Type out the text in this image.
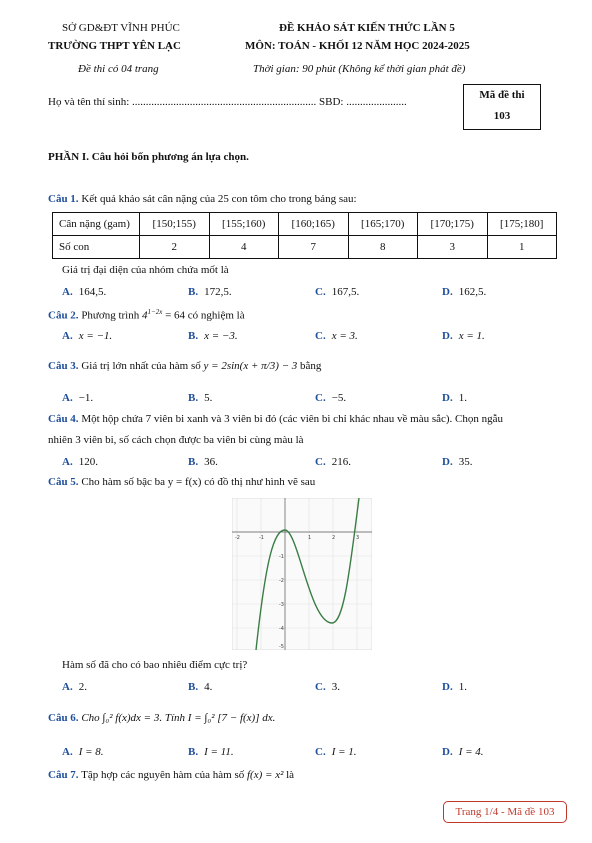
SỞ GD&ĐT VĨNH PHÚC
TRƯỜNG THPT YÊN LẠC
Đề thi có 04 trang
ĐỀ KHẢO SÁT KIẾN THỨC LẦN 5
MÔN: TOÁN - KHỐI 12 NĂM HỌC 2024-2025
Thời gian: 90 phút (Không kể thời gian phát đề)
Họ và tên thí sinh: ................................................................... SBD: ......................
Mã đề thi
103
PHẦN I. Câu hỏi bốn phương án lựa chọn.
Câu 1. Kết quả khảo sát cân nặng của 25 con tôm cho trong bảng sau:
Cân nặng (gam)	[150;155)	[155;160)	[160;165)	[165;170)	[170;175)	[175;180]
Số con	2	4	7	8	3	1
Giá trị đại diện của nhóm chứa mốt là
A. 164,5.	B. 172,5.	C. 167,5.	D. 162,5.
Câu 2. Phương trình $4^{1-2x} = 64$ có nghiệm là
A. x = −1.	B. x = −3.	C. x = 3.	D. x = 1.
Câu 3. Giá trị lớn nhất của hàm số y = 2sin(x + π/3) − 3 bằng
A. −1.	B. 5.	C. −5.	D. 1.
Câu 4. Một hộp chứa 7 viên bi xanh và 3 viên bi đỏ (các viên bi chỉ khác nhau về màu sắc). Chọn ngẫu
nhiên 3 viên bi, số cách chọn được ba viên bi cùng màu là
A. 120.	B. 36.	C. 216.	D. 35.
Câu 5. Cho hàm số bậc ba y = f(x) có đồ thị như hình vẽ sau
-2	-1	1	2	3
-1
-2
-3
-4
-5
Hàm số đã cho có bao nhiêu điểm cực trị?
A. 2.	B. 4.	C. 3.	D. 1.
Câu 6. Cho ∫₀² f(x)dx = 3. Tính I = ∫₀² [7 − f(x)] dx.
A. I = 8.	B. I = 11.	C. I = 1.	D. I = 4.
Câu 7. Tập hợp các nguyên hàm của hàm số f(x) = x² là
Trang 1/4 - Mã đề 103
